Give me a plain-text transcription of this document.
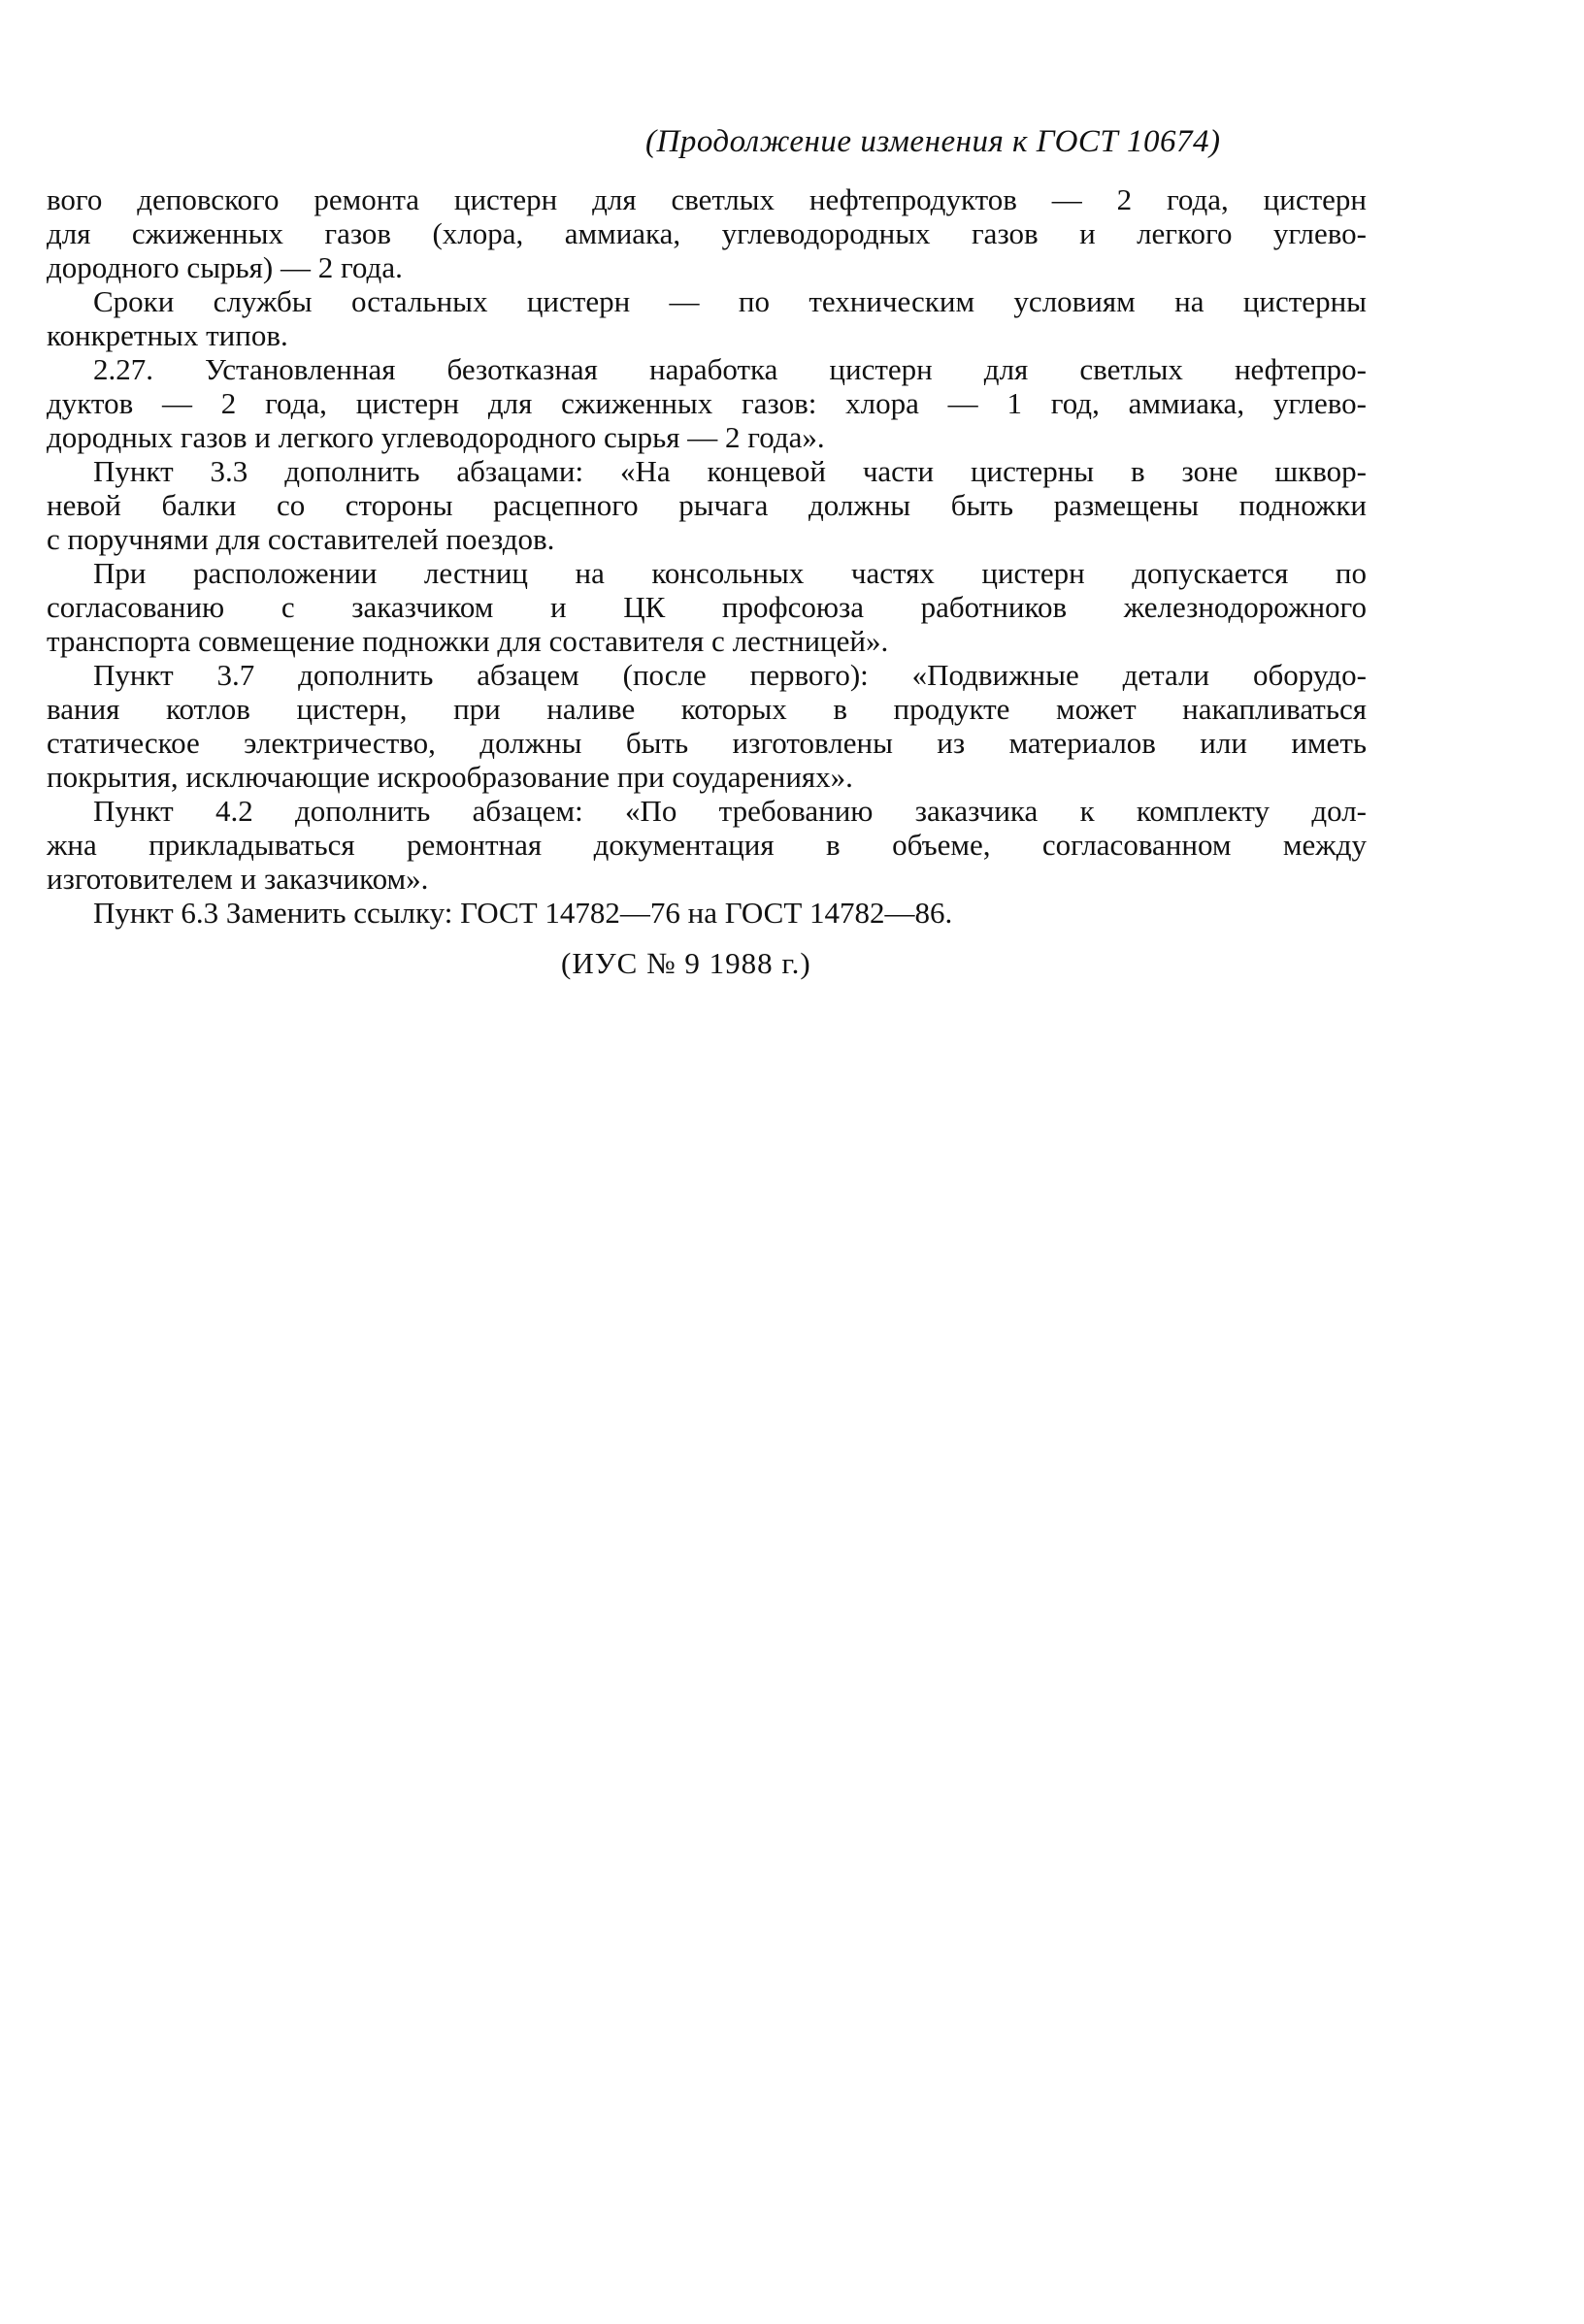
(Продолжение изменения к ГОСТ 10674)
вого деповского ремонта цистерн для светлых нефтепродуктов — 2 года, цистерн
для сжиженных газов (хлора, аммиака, углеводородных газов и легкого углево-
дородного сырья) — 2 года.
Сроки службы остальных цистерн — по техническим условиям на цистерны
конкретных типов.
2.27. Установленная безотказная наработка цистерн для светлых нефтепро-
дуктов — 2 года, цистерн для сжиженных газов: хлора — 1 год, аммиака, углево-
дородных газов и легкого углеводородного сырья — 2 года».
Пункт 3.3 дополнить абзацами: «На концевой части цистерны в зоне шквор-
невой балки со стороны расцепного рычага должны быть размещены подножки
с поручнями для составителей поездов.
При расположении лестниц на консольных частях цистерн допускается по
согласованию с заказчиком и ЦК профсоюза работников железнодорожного
транспорта совмещение подножки для составителя с лестницей».
Пункт 3.7 дополнить абзацем (после первого): «Подвижные детали оборудо-
вания котлов цистерн, при наливе которых в продукте может накапливаться
статическое электричество, должны быть изготовлены из материалов или иметь
покрытия, исключающие искрообразование при соударениях».
Пункт 4.2 дополнить абзацем: «По требованию заказчика к комплекту дол-
жна прикладываться ремонтная документация в объеме, согласованном между
изготовителем и заказчиком».
Пункт 6.3 Заменить ссылку: ГОСТ 14782—76 на ГОСТ 14782—86.
(ИУС № 9 1988 г.)
